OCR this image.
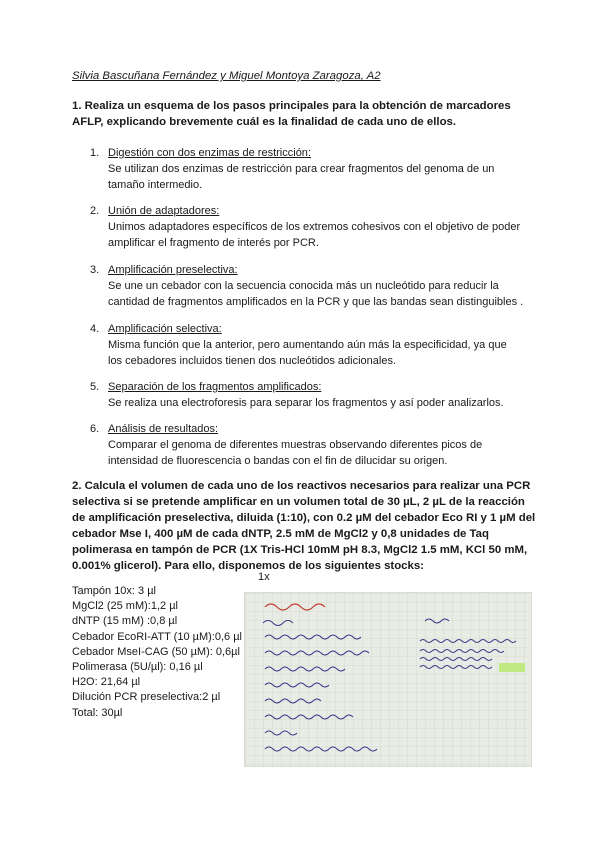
Silvia Bascuñana Fernández y Miguel Montoya Zaragoza, A2
1. Realiza un esquema de los pasos principales para la obtención de marcadores
AFLP, explicando brevemente cuál es la finalidad de cada uno de ellos.
1. Digestión con dos enzimas de restricción:
Se utilizan dos enzimas de restricción para crear fragmentos del genoma de un
tamaño intermedio.
2. Unión de adaptadores:
Unimos adaptadores específicos de los extremos cohesivos con el objetivo de poder
amplificar el fragmento de interés por PCR.
3. Amplificación preselectiva:
Se une un cebador con la secuencia conocida más un nucleótido para reducir la
cantidad de fragmentos amplificados en la PCR y que las bandas sean distinguibles .
4. Amplificación selectiva:
Misma función que la anterior, pero aumentando aún más la especificidad, ya que
los cebadores incluidos tienen dos nucleótidos adicionales.
5. Separación de los fragmentos amplificados:
Se realiza una electroforesis para separar los fragmentos y así poder analizarlos.
6. Análisis de resultados:
Comparar el genoma de diferentes muestras observando diferentes picos de
intensidad de fluorescencia o bandas con el fin de dilucidar su origen.
2. Calcula el volumen de cada uno de los reactivos necesarios para realizar una PCR
selectiva si se pretende amplificar en un volumen total de 30 µL, 2 µL de la reacción
de amplificación preselectiva, diluida (1:10), con 0.2 µM del cebador Eco RI y 1 µM del
cebador Mse I, 400 µM de cada dNTP, 2.5 mM de MgCl2 y 0,8 unidades de Taq
polimerasa en tampón de PCR (1X Tris-HCl 10mM pH 8.3, MgCl2 1.5 mM, KCl 50 mM,
0.001% glicerol). Para ello, disponemos de los siguientes stocks:
1x
Tampón 10x: 3 µl
MgCl2 (25 mM):1,2 µl
dNTP (15 mM) :0,8 µl
Cebador EcoRI-ATT (10 µM):0,6 µl
Cebador MseI-CAG (50 µM): 0,6µl
Polimerasa (5U/µl): 0,16 µl
H2O: 21,64 µl
Dilución PCR preselectiva:2 µl
Total: 30µl
